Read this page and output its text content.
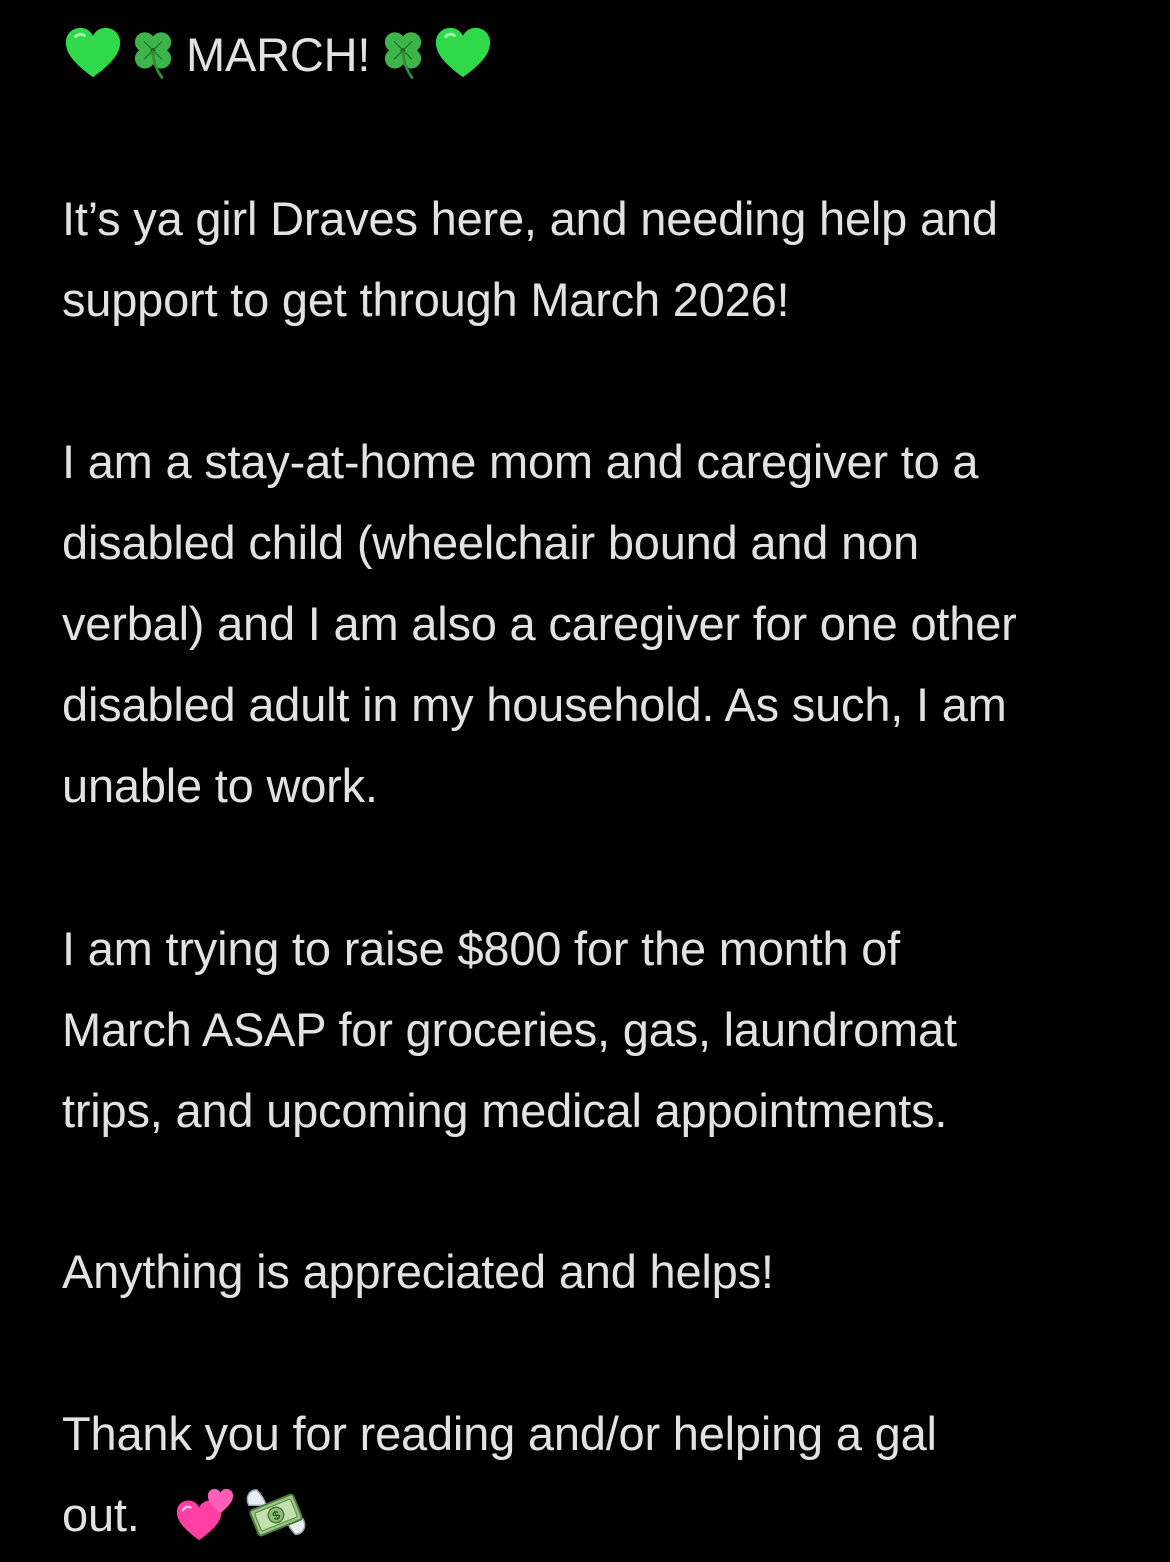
MARCH!

It’s ya girl Draves here, and needing help and
support to get through March 2026!

I am a stay-at-home mom and caregiver to a
disabled child (wheelchair bound and non
verbal) and I am also a caregiver for one other
disabled adult in my household. As such, I am
unable to work.

I am trying to raise $800 for the month of
March ASAP for groceries, gas, laundromat
trips, and upcoming medical appointments.

Anything is appreciated and helps!

Thank you for reading and/or helping a gal
out.	$
